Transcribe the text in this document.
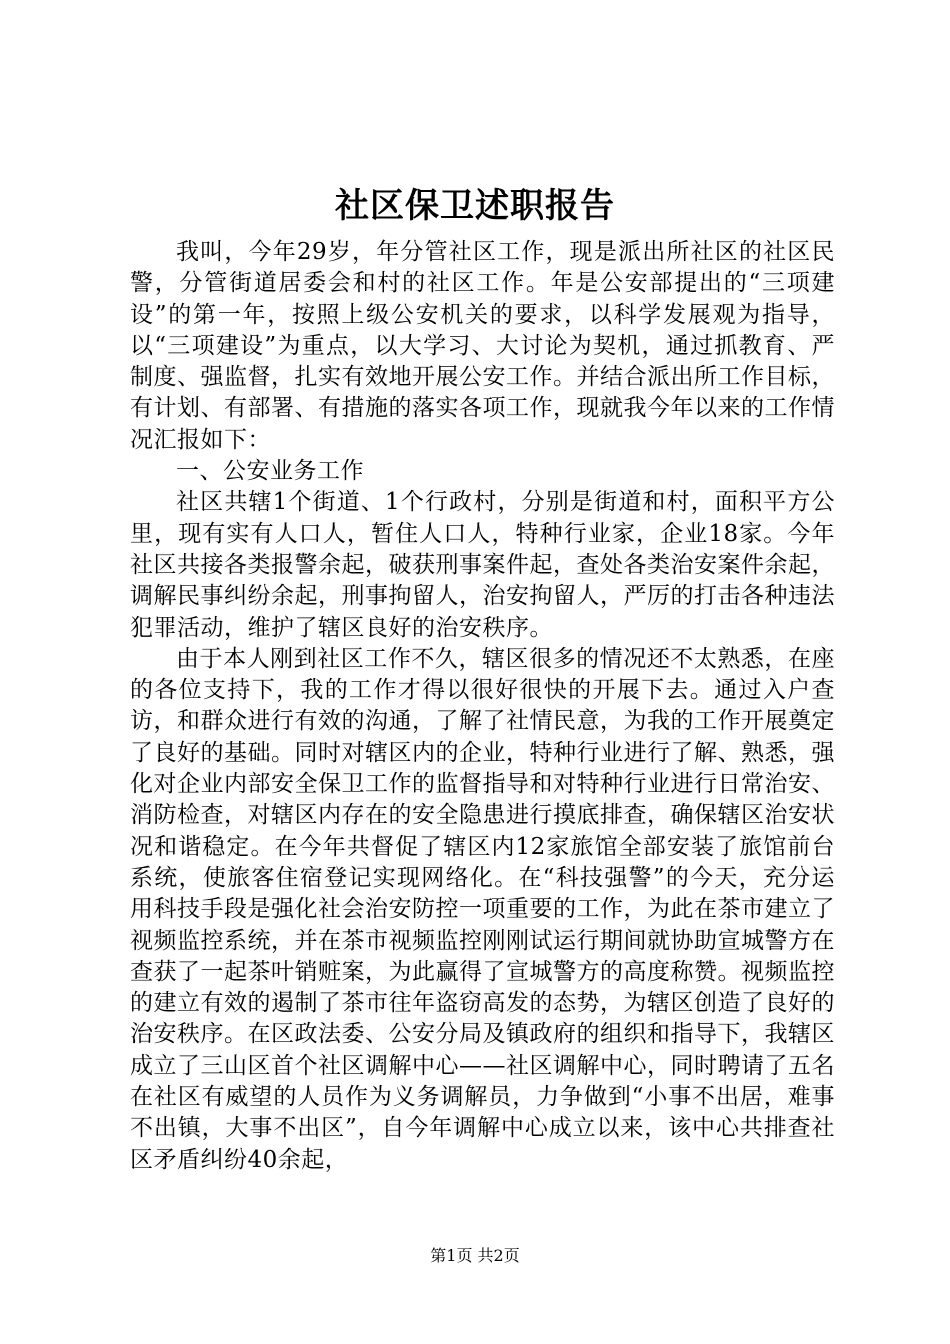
社区保卫述职报告

我叫，今年29岁，年分管社区工作，现是派出所社区的社区民警，分管街道居委会和村的社区工作。年是公安部提出的“三项建设”的第一年，按照上级公安机关的要求，以科学发展观为指导，以“三项建设”为重点，以大学习、大讨论为契机，通过抓教育、严制度、强监督，扎实有效地开展公安工作。并结合派出所工作目标，有计划、有部署、有措施的落实各项工作，现就我今年以来的工作情况汇报如下：

一、公安业务工作

社区共辖1个街道、1个行政村，分别是街道和村，面积平方公里，现有实有人口人，暂住人口人，特种行业家，企业18家。今年社区共接各类报警余起，破获刑事案件起，查处各类治安案件余起，调解民事纠纷余起，刑事拘留人，治安拘留人，严厉的打击各种违法犯罪活动，维护了辖区良好的治安秩序。

由于本人刚到社区工作不久，辖区很多的情况还不太熟悉，在座的各位支持下，我的工作才得以很好很快的开展下去。通过入户查访，和群众进行有效的沟通，了解了社情民意，为我的工作开展奠定了良好的基础。同时对辖区内的企业，特种行业进行了解、熟悉，强化对企业内部安全保卫工作的监督指导和对特种行业进行日常治安、消防检查，对辖区内存在的安全隐患进行摸底排查，确保辖区治安状况和谐稳定。在今年共督促了辖区内12家旅馆全部安装了旅馆前台系统，使旅客住宿登记实现网络化。在“科技强警”的今天，充分运用科技手段是强化社会治安防控一项重要的工作，为此在茶市建立了视频监控系统，并在茶市视频监控刚刚试运行期间就协助宣城警方在查获了一起茶叶销赃案，为此赢得了宣城警方的高度称赞。视频监控的建立有效的遏制了茶市往年盗窃高发的态势，为辖区创造了良好的治安秩序。在区政法委、公安分局及镇政府的组织和指导下，我辖区成立了三山区首个社区调解中心——社区调解中心，同时聘请了五名在社区有威望的人员作为义务调解员，力争做到“小事不出居，难事不出镇，大事不出区”，自今年调解中心成立以来，该中心共排查社区矛盾纠纷40余起，

第1页 共2页
